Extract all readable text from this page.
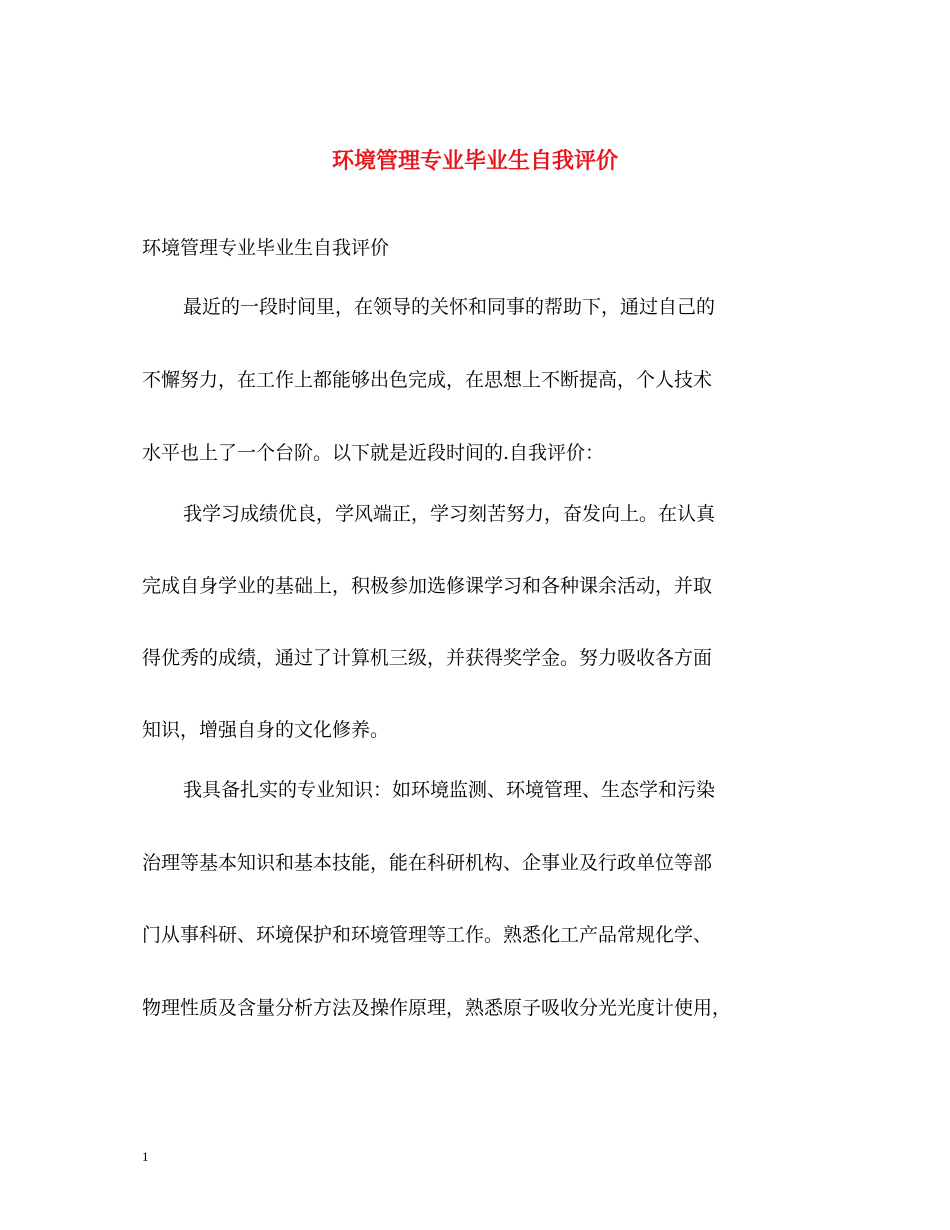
环境管理专业毕业生自我评价
环境管理专业毕业生自我评价
最近的一段时间里，在领导的关怀和同事的帮助下，通过自己的
不懈努力，在工作上都能够出色完成，在思想上不断提高，个人技术
水平也上了一个台阶。以下就是近段时间的.自我评价：
我学习成绩优良，学风端正，学习刻苦努力，奋发向上。在认真
完成自身学业的基础上，积极参加选修课学习和各种课余活动，并取
得优秀的成绩，通过了计算机三级，并获得奖学金。努力吸收各方面
知识，增强自身的文化修养。
我具备扎实的专业知识：如环境监测、环境管理、生态学和污染
治理等基本知识和基本技能，能在科研机构、企事业及行政单位等部
门从事科研、环境保护和环境管理等工作。熟悉化工产品常规化学、
物理性质及含量分析方法及操作原理，熟悉原子吸收分光光度计使用，
1
